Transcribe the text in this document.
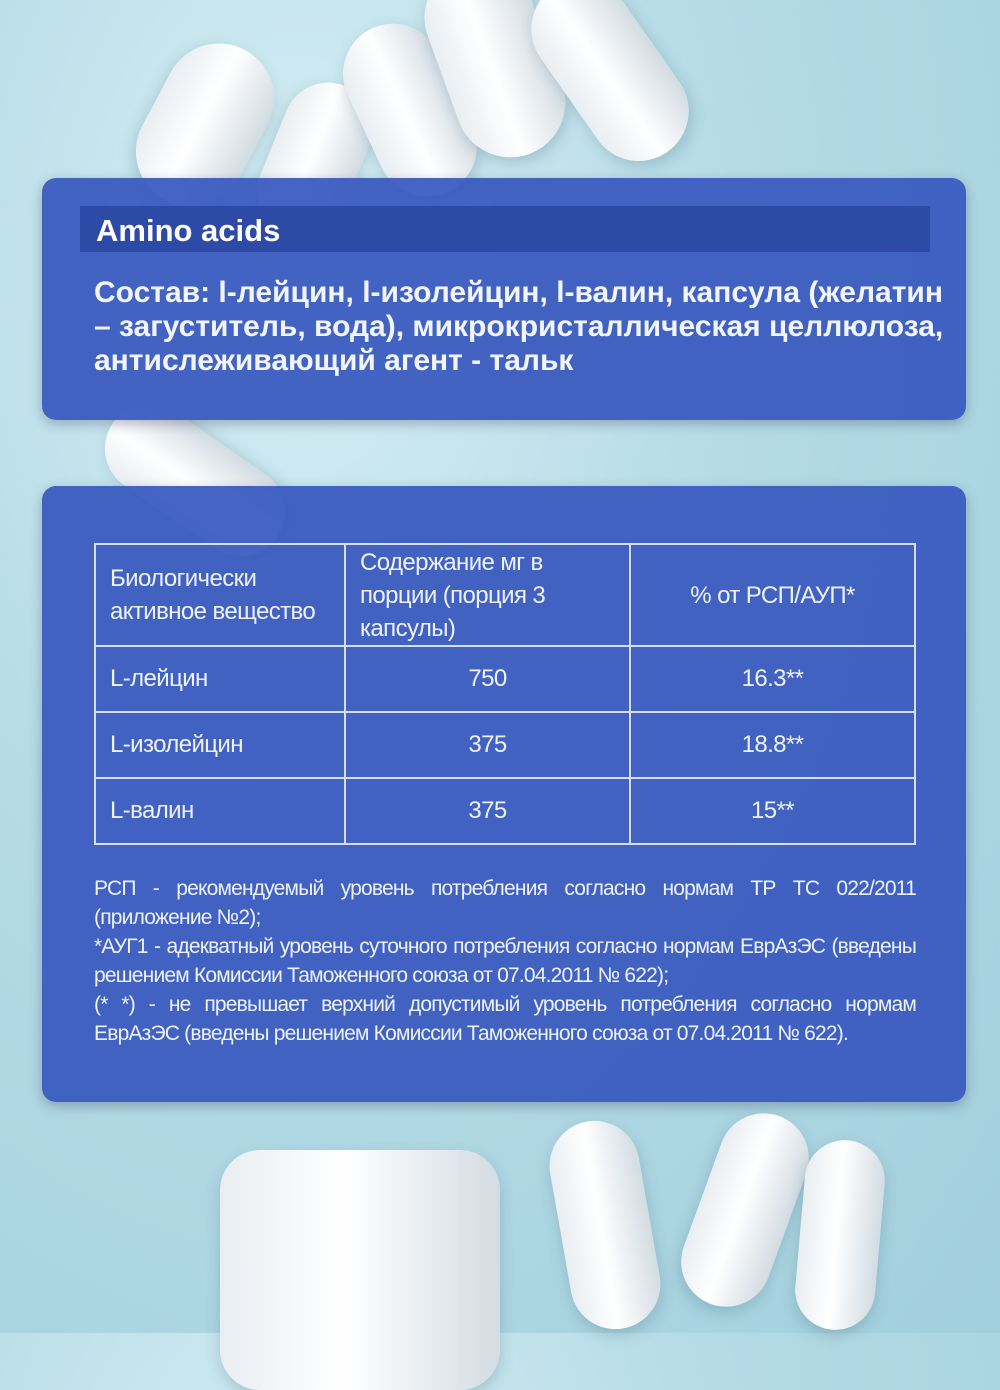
Amino acids
Состав: l-лейцин, l-изолейцин, l-валин, капсула (желатин – загуститель, вода), микрокристаллическая целлюлоза, антислеживающий агент - тальк
Биологически активное вещество	Содержание мг в порции (порция 3 капсулы)	% от РСП/АУП*
L-лейцин	750	16.3**
L-изолейцин	375	18.8**
L-валин	375	15**
РСП - рекомендуемый уровень потребления согласно нормам ТР ТС 022/2011 (приложение №2);
*АУГ1 - адекватный уровень суточного потребления согласно нормам ЕврАзЭС (введены решением Комиссии Таможенного союза от 07.04.2011 № 622);
(* *) - не превышает верхний допустимый уровень потребления согласно нормам ЕврАзЭС (введены решением Комиссии Таможенного союза от 07.04.2011 № 622).
